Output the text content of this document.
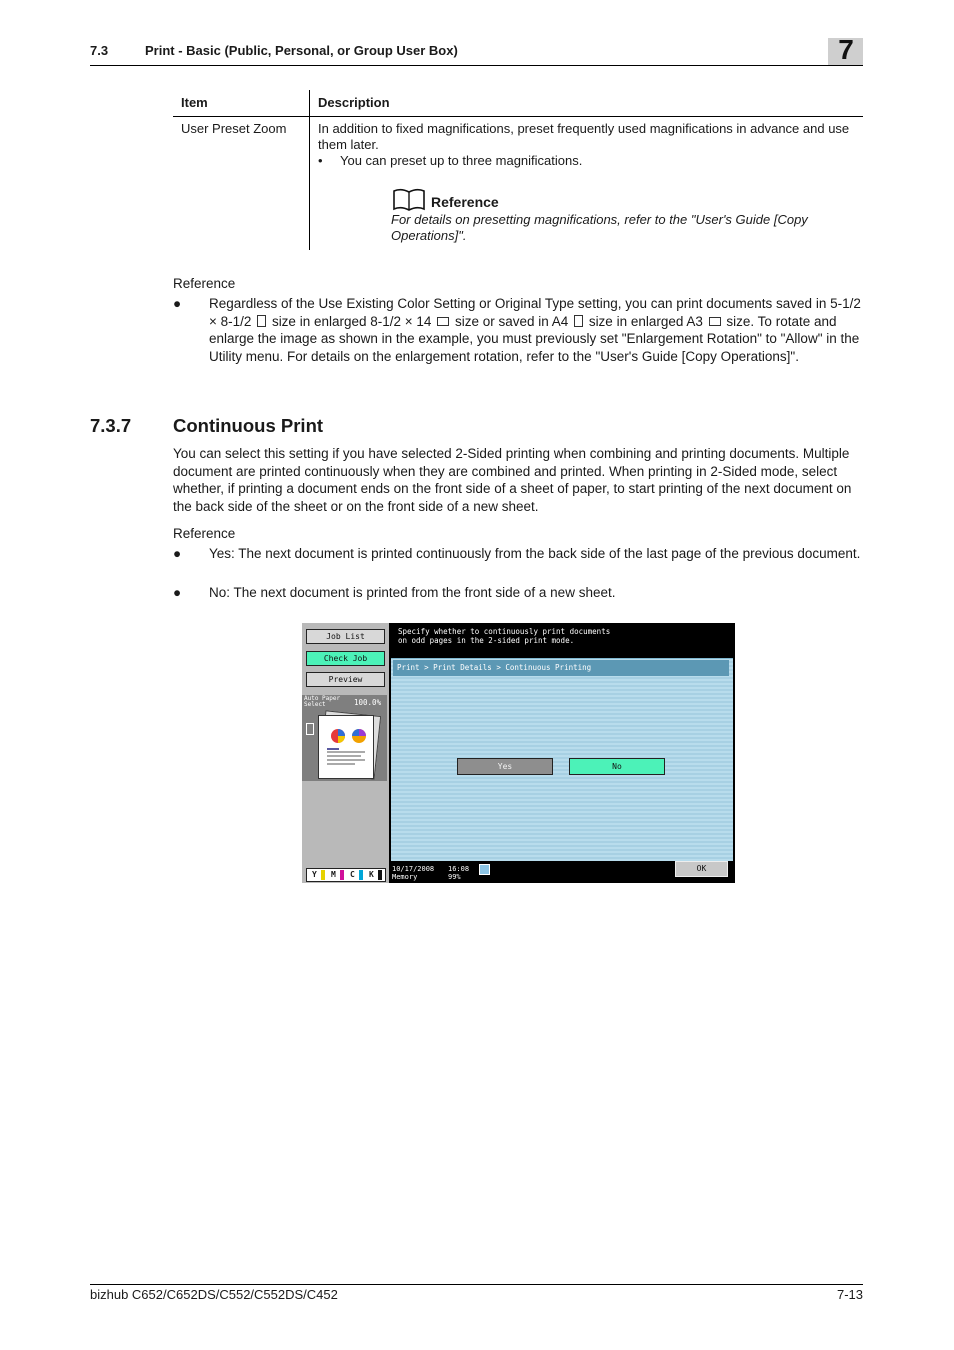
7.3	Print - Basic (Public, Personal, or Group User Box)	7
Item	Description
User Preset Zoom	In addition to fixed magnifications, preset frequently used magnifications in advance and use them later.
• You can preset up to three magnifications.
Reference
For details on presetting magnifications, refer to the "User's Guide [Copy Operations]".
Reference
● Regardless of the Use Existing Color Setting or Original Type setting, you can print documents saved in 5-1/2 × 8-1/2 size in enlarged 8-1/2 × 14 size or saved in A4 size in enlarged A3 size. To rotate and enlarge the image as shown in the example, you must previously set "Enlargement Rotation" to "Allow" in the Utility menu. For details on the enlargement rotation, refer to the "User's Guide [Copy Operations]".
7.3.7 Continuous Print
You can select this setting if you have selected 2-Sided printing when combining and printing documents. Multiple document are printed continuously when they are combined and printed. When printing in 2-Sided mode, select whether, if printing a document ends on the front side of a sheet of paper, to start printing of the next document on the back side of the sheet or on the front side of a new sheet.
Reference
● Yes: The next document is printed continuously from the back side of the last page of the previous document.
● No: The next document is printed from the front side of a new sheet.
Job List
Check Job
Preview
Auto Paper Select	100.0%
Y M C K
Specify whether to continuously print documents
on odd pages in the 2-sided print mode.
Print > Print Details > Continuous Printing
Yes	No
10/17/2008
Memory
16:08
99%
OK
bizhub C652/C652DS/C552/C552DS/C452	7-13
